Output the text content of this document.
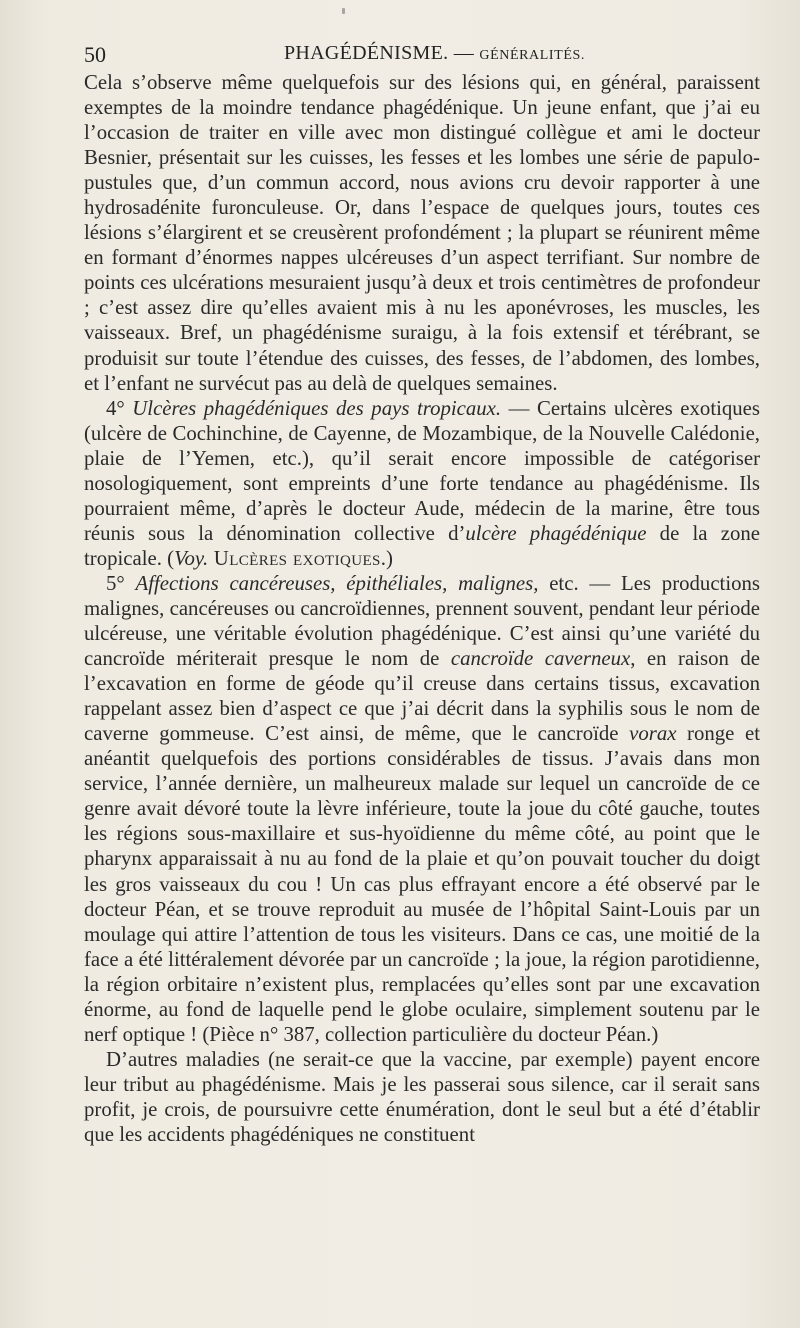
50	PHAGÉDÉNISME. — GÉNÉRALITÉS.

Cela s’observe même quelquefois sur des lésions qui, en général, paraissent exemptes de la moindre tendance phagédénique. Un jeune enfant, que j’ai eu l’occasion de traiter en ville avec mon distingué collègue et ami le docteur Besnier, présentait sur les cuisses, les fesses et les lombes une série de papulo-pustules que, d’un commun accord, nous avions cru devoir rapporter à une hydrosadénite furonculeuse. Or, dans l’espace de quelques jours, toutes ces lésions s’élargirent et se creusèrent profondément ; la plupart se réunirent même en formant d’énormes nappes ulcéreuses d’un aspect terrifiant. Sur nombre de points ces ulcérations mesuraient jusqu’à deux et trois centimètres de profondeur ; c’est assez dire qu’elles avaient mis à nu les aponévroses, les muscles, les vaisseaux. Bref, un phagédénisme suraigu, à la fois extensif et térébrant, se produisit sur toute l’étendue des cuisses, des fesses, de l’abdomen, des lombes, et l’enfant ne survécut pas au delà de quelques semaines.

4° Ulcères phagédéniques des pays tropicaux. — Certains ulcères exotiques (ulcère de Cochinchine, de Cayenne, de Mozambique, de la Nouvelle Calédonie, plaie de l’Yemen, etc.), qu’il serait encore impossible de catégoriser nosologiquement, sont empreints d’une forte tendance au phagédénisme. Ils pourraient même, d’après le docteur Aude, médecin de la marine, être tous réunis sous la dénomination collective d’ulcère phagédénique de la zone tropicale. (Voy. Ulcères exotiques.)

5° Affections cancéreuses, épithéliales, malignes, etc. — Les productions malignes, cancéreuses ou cancroïdiennes, prennent souvent, pendant leur période ulcéreuse, une véritable évolution phagédénique. C’est ainsi qu’une variété du cancroïde mériterait presque le nom de cancroïde caverneux, en raison de l’excavation en forme de géode qu’il creuse dans certains tissus, excavation rappelant assez bien d’aspect ce que j’ai décrit dans la syphilis sous le nom de caverne gommeuse. C’est ainsi, de même, que le cancroïde vorax ronge et anéantit quelquefois des portions considérables de tissus. J’avais dans mon service, l’année dernière, un malheureux malade sur lequel un cancroïde de ce genre avait dévoré toute la lèvre inférieure, toute la joue du côté gauche, toutes les régions sous-maxillaire et sus-hyoïdienne du même côté, au point que le pharynx apparaissait à nu au fond de la plaie et qu’on pouvait toucher du doigt les gros vaisseaux du cou ! Un cas plus effrayant encore a été observé par le docteur Péan, et se trouve reproduit au musée de l’hôpital Saint-Louis par un moulage qui attire l’attention de tous les visiteurs. Dans ce cas, une moitié de la face a été littéralement dévorée par un cancroïde ; la joue, la région parotidienne, la région orbitaire n’existent plus, remplacées qu’elles sont par une excavation énorme, au fond de laquelle pend le globe oculaire, simplement soutenu par le nerf optique ! (Pièce n° 387, collection particulière du docteur Péan.)

D’autres maladies (ne serait-ce que la vaccine, par exemple) payent encore leur tribut au phagédénisme. Mais je les passerai sous silence, car il serait sans profit, je crois, de poursuivre cette énumération, dont le seul but a été d’établir que les accidents phagédéniques ne constituent
